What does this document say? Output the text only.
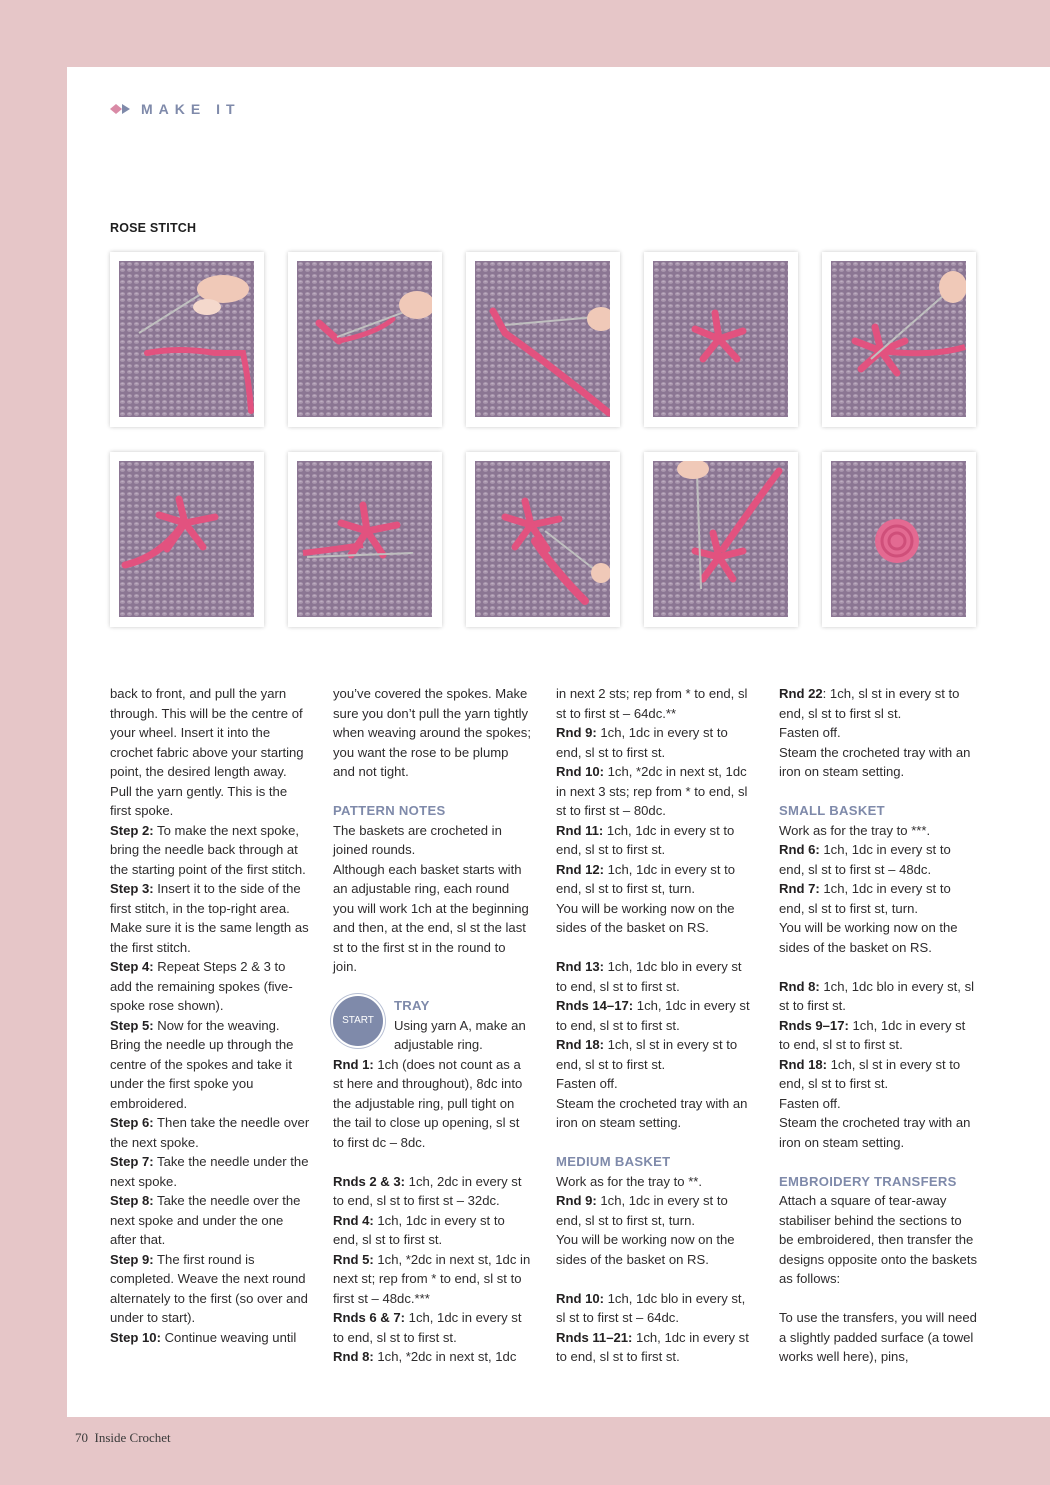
MAKE IT
ROSE STITCH

back to front, and pull the yarn through. This will be the centre of your wheel. Insert it into the crochet fabric above your starting point, the desired length away. Pull the yarn gently. This is the first spoke.

Step 2: To make the next spoke, bring the needle back through at the starting point of the first stitch.

Step 3: Insert it to the side of the first stitch, in the top-right area. Make sure it is the same length as the first stitch.

Step 4: Repeat Steps 2 & 3 to add the remaining spokes (five-spoke rose shown).

Step 5: Now for the weaving. Bring the needle up through the centre of the spokes and take it under the first spoke you embroidered.

Step 6: Then take the needle over the next spoke.

Step 7: Take the needle under the next spoke.

Step 8: Take the needle over the next spoke and under the one after that.

Step 9: The first round is completed. Weave the next round alternately to the first (so over and under to start).

Step 10: Continue weaving until

you’ve covered the spokes. Make sure you don’t pull the yarn tightly when weaving around the spokes; you want the rose to be plump and not tight.

PATTERN NOTES

The baskets are crocheted in joined rounds.

Although each basket starts with an adjustable ring, each round you will work 1ch at the beginning and then, at the end, sl st the last st to the first st in the round to join.

START

TRAY

Using yarn A, make an adjustable ring.

Rnd 1: 1ch (does not count as a st here and throughout), 8dc into the adjustable ring, pull tight on the tail to close up opening, sl st to first dc – 8dc.

Rnds 2 & 3: 1ch, 2dc in every st to end, sl st to first st – 32dc.

Rnd 4: 1ch, 1dc in every st to end, sl st to first st.

Rnd 5: 1ch, *2dc in next st, 1dc in next st; rep from * to end, sl st to first st – 48dc.***

Rnds 6 & 7: 1ch, 1dc in every st to end, sl st to first st.

Rnd 8: 1ch, *2dc in next st, 1dc

in next 2 sts; rep from * to end, sl st to first st – 64dc.**

Rnd 9: 1ch, 1dc in every st to end, sl st to first st.

Rnd 10: 1ch, *2dc in next st, 1dc in next 3 sts; rep from * to end, sl st to first st – 80dc.

Rnd 11: 1ch, 1dc in every st to end, sl st to first st.

Rnd 12: 1ch, 1dc in every st to end, sl st to first st, turn.

You will be working now on the sides of the basket on RS.

Rnd 13: 1ch, 1dc blo in every st to end, sl st to first st.

Rnds 14–17: 1ch, 1dc in every st to end, sl st to first st.

Rnd 18: 1ch, sl st in every st to end, sl st to first st.

Fasten off.

Steam the crocheted tray with an iron on steam setting.

MEDIUM BASKET

Work as for the tray to **.

Rnd 9: 1ch, 1dc in every st to end, sl st to first st, turn.

You will be working now on the sides of the basket on RS.

Rnd 10: 1ch, 1dc blo in every st, sl st to first st – 64dc.

Rnds 11–21: 1ch, 1dc in every st to end, sl st to first st.

Rnd 22: 1ch, sl st in every st to end, sl st to first sl st.

Fasten off.

Steam the crocheted tray with an iron on steam setting.

SMALL BASKET

Work as for the tray to ***.

Rnd 6: 1ch, 1dc in every st to end, sl st to first st – 48dc.

Rnd 7: 1ch, 1dc in every st to end, sl st to first st, turn.

You will be working now on the sides of the basket on RS.

Rnd 8: 1ch, 1dc blo in every st, sl st to first st.

Rnds 9–17: 1ch, 1dc in every st to end, sl st to first st.

Rnd 18: 1ch, sl st in every st to end, sl st to first st.

Fasten off.

Steam the crocheted tray with an iron on steam setting.

EMBROIDERY TRANSFERS

Attach a square of tear-away stabiliser behind the sections to be embroidered, then transfer the designs opposite onto the baskets as follows:

To use the transfers, you will need a slightly padded surface (a towel works well here), pins,

70 Inside Crochet
